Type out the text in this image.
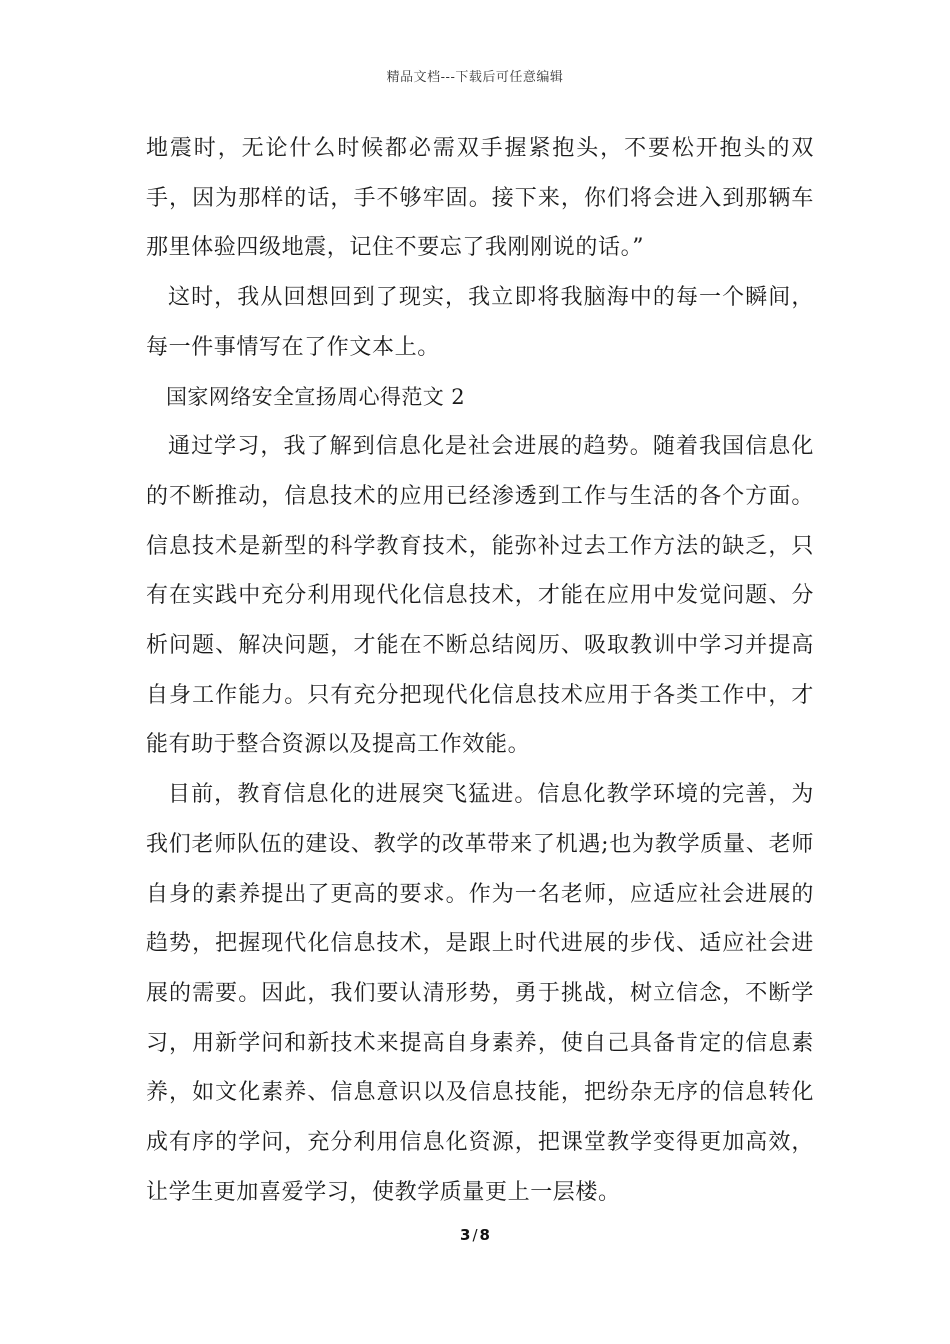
精品文档---下载后可任意编辑

地震时，无论什么时候都必需双手握紧抱头，不要松开抱头的双手，因为那样的话，手不够牢固。接下来，你们将会进入到那辆车那里体验四级地震，记住不要忘了我刚刚说的话。”

这时，我从回想回到了现实，我立即将我脑海中的每一个瞬间，每一件事情写在了作文本上。

国家网络安全宣扬周心得范文 2

通过学习，我了解到信息化是社会进展的趋势。随着我国信息化的不断推动，信息技术的应用已经渗透到工作与生活的各个方面。信息技术是新型的科学教育技术，能弥补过去工作方法的缺乏，只有在实践中充分利用现代化信息技术，才能在应用中发觉问题、分析问题、解决问题，才能在不断总结阅历、吸取教训中学习并提高自身工作能力。只有充分把现代化信息技术应用于各类工作中，才能有助于整合资源以及提高工作效能。

目前，教育信息化的进展突飞猛进。信息化教学环境的完善，为我们老师队伍的建设、教学的改革带来了机遇;也为教学质量、老师自身的素养提出了更高的要求。作为一名老师，应适应社会进展的趋势，把握现代化信息技术，是跟上时代进展的步伐、适应社会进展的需要。因此，我们要认清形势，勇于挑战，树立信念，不断学习，用新学问和新技术来提高自身素养，使自己具备肯定的信息素养，如文化素养、信息意识以及信息技能，把纷杂无序的信息转化成有序的学问，充分利用信息化资源，把课堂教学变得更加高效，让学生更加喜爱学习，使教学质量更上一层楼。

3 / 8
